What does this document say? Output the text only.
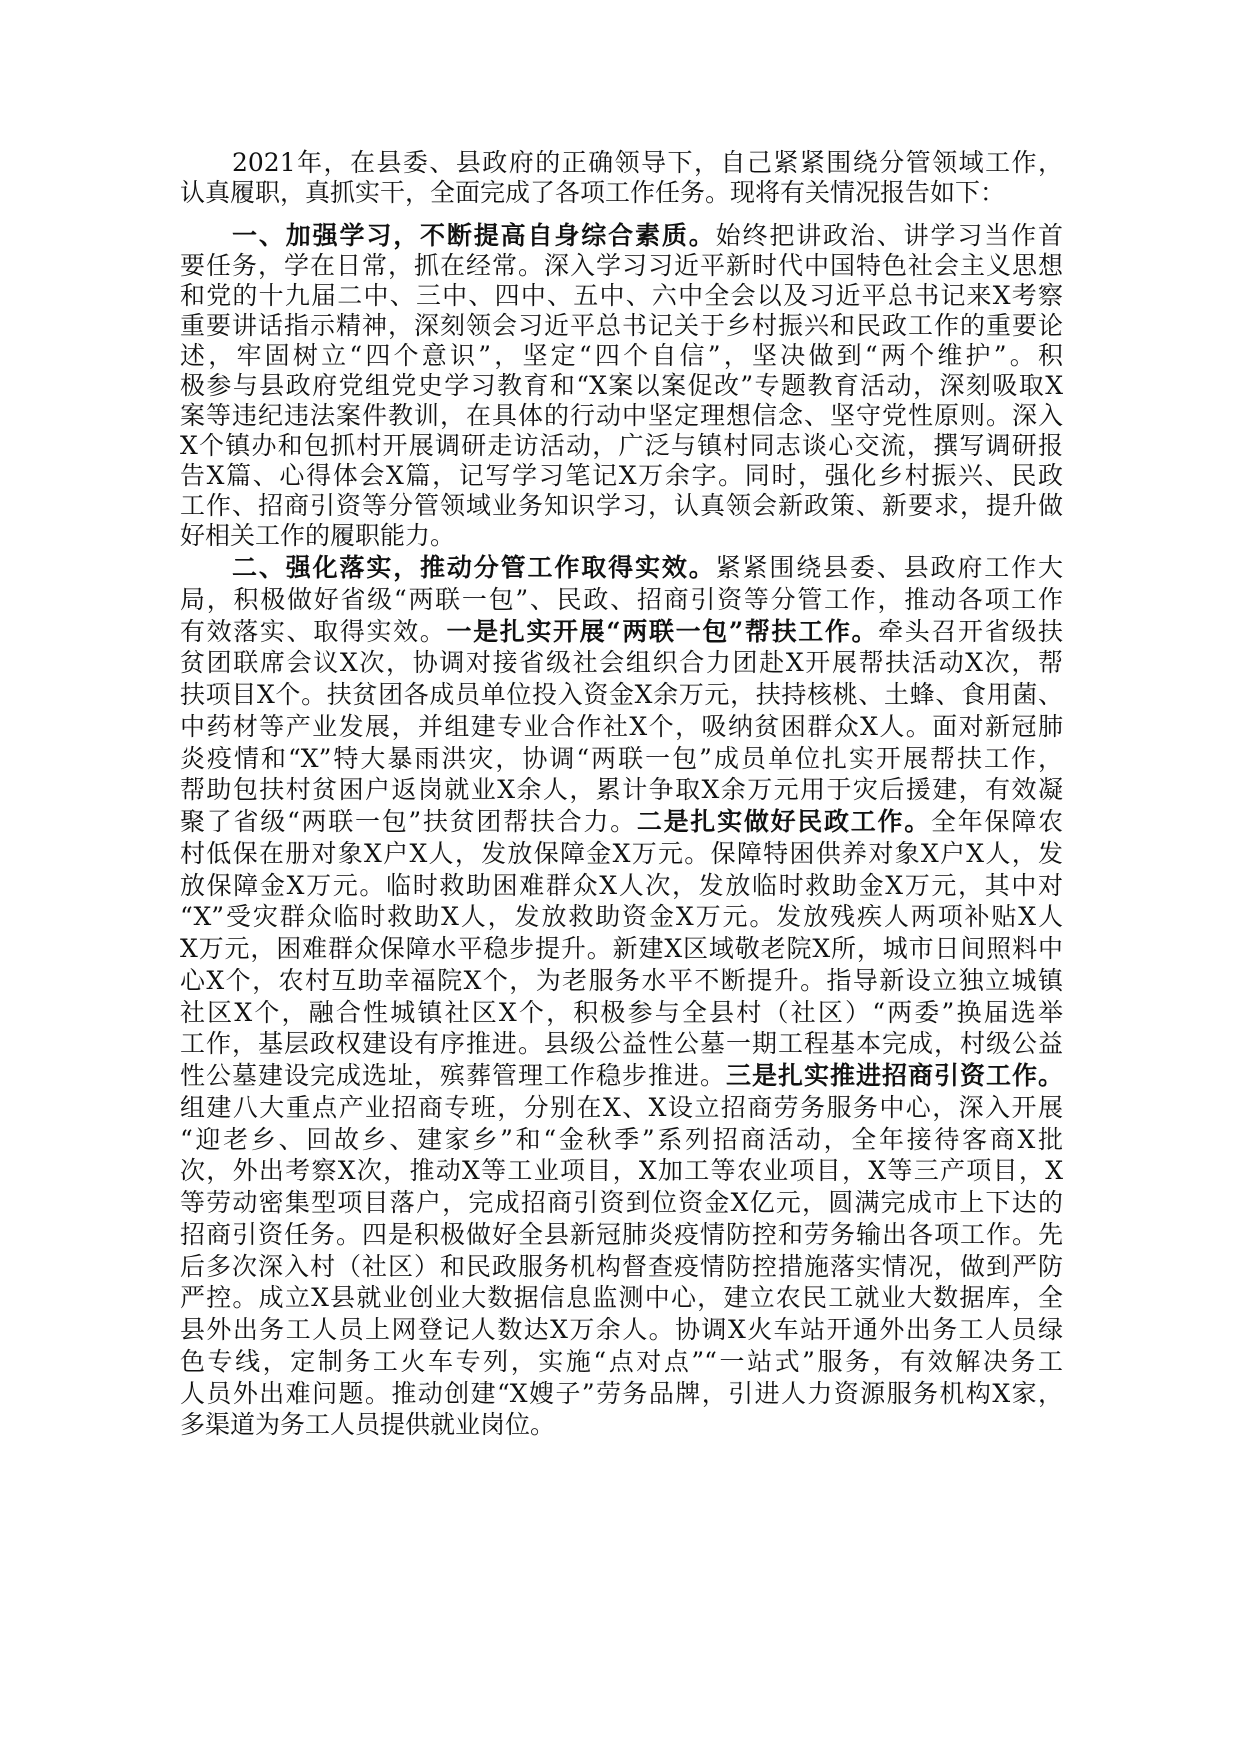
2021年，在县委、县政府的正确领导下，自己紧紧围绕分管领域工作，
认真履职，真抓实干，全面完成了各项工作任务。现将有关情况报告如下：
一、加强学习，不断提高自身综合素质。始终把讲政治、讲学习当作首
要任务，学在日常，抓在经常。深入学习习近平新时代中国特色社会主义思想
和党的十九届二中、三中、四中、五中、六中全会以及习近平总书记来X考察
重要讲话指示精神，深刻领会习近平总书记关于乡村振兴和民政工作的重要论
述，牢固树立“四个意识”，坚定“四个自信”，坚决做到“两个维护”。积
极参与县政府党组党史学习教育和“X案以案促改”专题教育活动，深刻吸取X
案等违纪违法案件教训，在具体的行动中坚定理想信念、坚守党性原则。深入
X个镇办和包抓村开展调研走访活动，广泛与镇村同志谈心交流，撰写调研报
告X篇、心得体会X篇，记写学习笔记X万余字。同时，强化乡村振兴、民政
工作、招商引资等分管领域业务知识学习，认真领会新政策、新要求，提升做
好相关工作的履职能力。
二、强化落实，推动分管工作取得实效。紧紧围绕县委、县政府工作大
局，积极做好省级“两联一包”、民政、招商引资等分管工作，推动各项工作
有效落实、取得实效。一是扎实开展“两联一包”帮扶工作。牵头召开省级扶
贫团联席会议X次，协调对接省级社会组织合力团赴X开展帮扶活动X次，帮
扶项目X个。扶贫团各成员单位投入资金X余万元，扶持核桃、土蜂、食用菌、
中药材等产业发展，并组建专业合作社X个，吸纳贫困群众X人。面对新冠肺
炎疫情和“X”特大暴雨洪灾，协调“两联一包”成员单位扎实开展帮扶工作，
帮助包扶村贫困户返岗就业X余人，累计争取X余万元用于灾后援建，有效凝
聚了省级“两联一包”扶贫团帮扶合力。二是扎实做好民政工作。全年保障农
村低保在册对象X户X人，发放保障金X万元。保障特困供养对象X户X人，发
放保障金X万元。临时救助困难群众X人次，发放临时救助金X万元，其中对
“X”受灾群众临时救助X人，发放救助资金X万元。发放残疾人两项补贴X人
X万元，困难群众保障水平稳步提升。新建X区域敬老院X所，城市日间照料中
心X个，农村互助幸福院X个，为老服务水平不断提升。指导新设立独立城镇
社区X个，融合性城镇社区X个，积极参与全县村（社区）“两委”换届选举
工作，基层政权建设有序推进。县级公益性公墓一期工程基本完成，村级公益
性公墓建设完成选址，殡葬管理工作稳步推进。三是扎实推进招商引资工作。
组建八大重点产业招商专班，分别在X、X设立招商劳务服务中心，深入开展
“迎老乡、回故乡、建家乡”和“金秋季”系列招商活动，全年接待客商X批
次，外出考察X次，推动X等工业项目，X加工等农业项目，X等三产项目，X
等劳动密集型项目落户，完成招商引资到位资金X亿元，圆满完成市上下达的
招商引资任务。四是积极做好全县新冠肺炎疫情防控和劳务输出各项工作。先
后多次深入村（社区）和民政服务机构督查疫情防控措施落实情况，做到严防
严控。成立X县就业创业大数据信息监测中心，建立农民工就业大数据库，全
县外出务工人员上网登记人数达X万余人。协调X火车站开通外出务工人员绿
色专线，定制务工火车专列，实施“点对点”“一站式”服务，有效解决务工
人员外出难问题。推动创建“X嫂子”劳务品牌，引进人力资源服务机构X家，
多渠道为务工人员提供就业岗位。
